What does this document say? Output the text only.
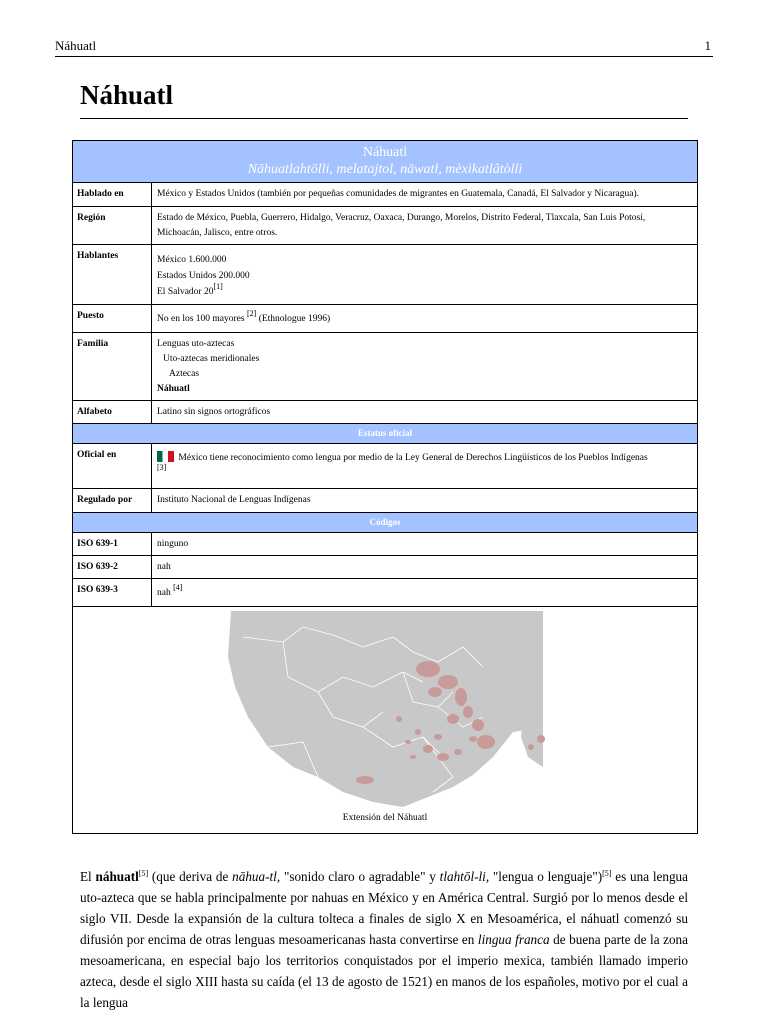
Náhuatl	1
Náhuatl
Náhuatl
Nāhuatlahtōlli, melatajtol, nāwatl, mèxìkatlâtòlli
Hablado en	México y Estados Unidos (también por pequeñas comunidades de migrantes en Guatemala, Canadá, El Salvador y Nicaragua).
Región	Estado de México, Puebla, Guerrero, Hidalgo, Veracruz, Oaxaca, Durango, Morelos, Distrito Federal, Tlaxcala, San Luis Potosí, Michoacán, Jalisco, entre otros.
Hablantes	México 1.600.000
Estados Unidos 200.000
El Salvador 20[1]
Puesto	No en los 100 mayores [2] (Ethnologue 1996)
Familia	Lenguas uto-aztecas
Uto-aztecas meridionales
Aztecas
Náhuatl
Alfabeto	Latino sin signos ortográficos
Estatus oficial
Oficial en	México tiene reconocimiento como lengua por medio de la Ley General de Derechos Lingüísticos de los Pueblos Indígenas
[3]
Regulado por	Instituto Nacional de Lenguas Indígenas
Códigos
ISO 639-1	ninguno
ISO 639-2	nah
ISO 639-3	nah [4]
Extensión del Náhuatl

El náhuatl[5] (que deriva de nāhua-tl, "sonido claro o agradable" y tlahtōl-li, "lengua o lenguaje")[5] es una lengua uto-azteca que se habla principalmente por nahuas en México y en América Central. Surgió por lo menos desde el siglo VII. Desde la expansión de la cultura tolteca a finales de siglo X en Mesoamérica, el náhuatl comenzó su difusión por encima de otras lenguas mesoamericanas hasta convertirse en lingua franca de buena parte de la zona mesoamericana, en especial bajo los territorios conquistados por el imperio mexica, también llamado imperio azteca, desde el siglo XIII hasta su caída (el 13 de agosto de 1521) en manos de los españoles, motivo por el cual a la lengua
